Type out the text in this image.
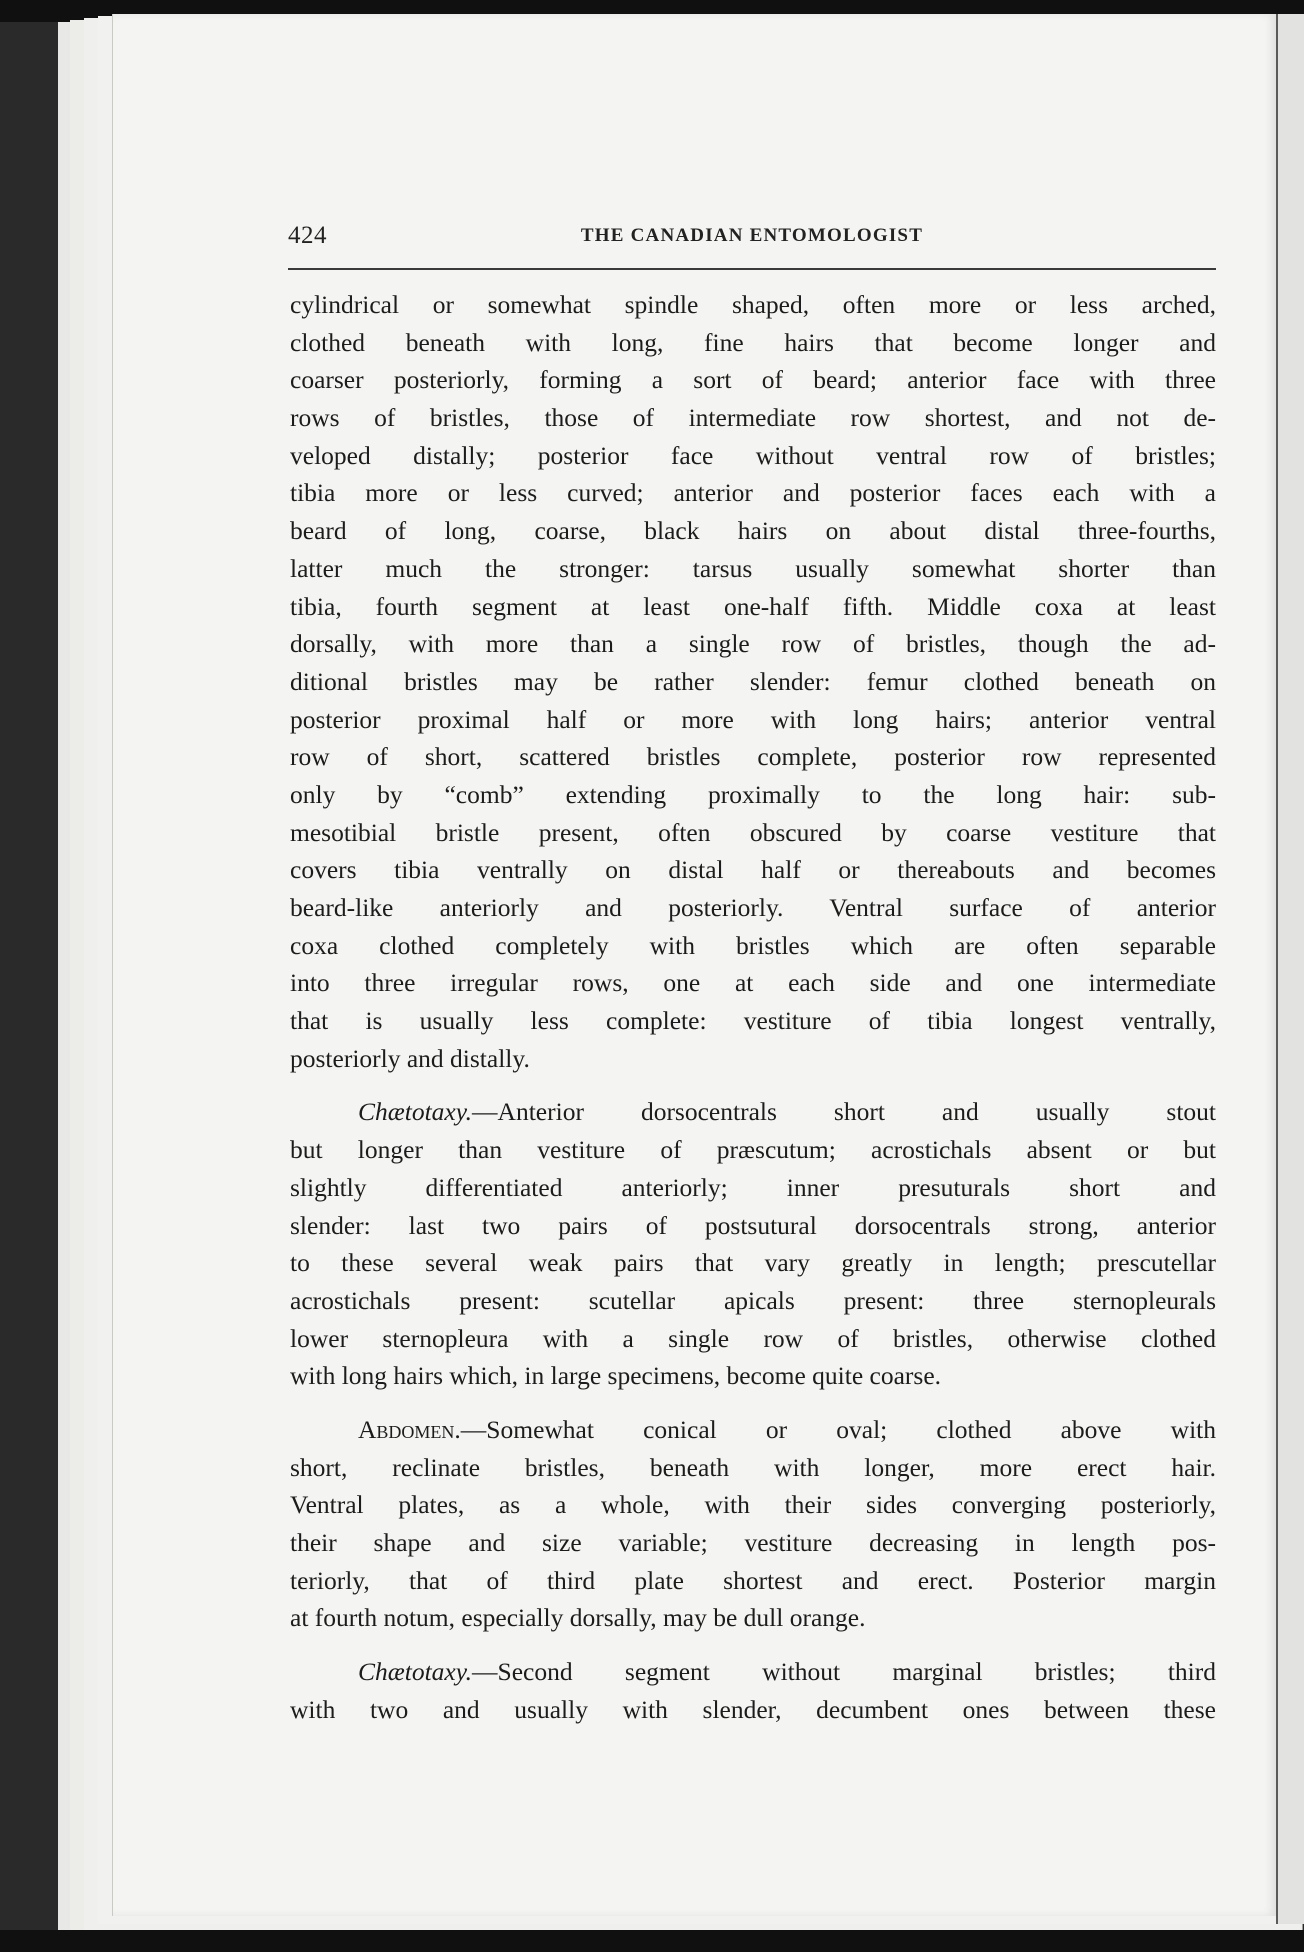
424	THE CANADIAN ENTOMOLOGIST
cylindrical or somewhat spindle shaped, often more or less arched,
clothed beneath with long, fine hairs that become longer and
coarser posteriorly, forming a sort of beard; anterior face with three
rows of bristles, those of intermediate row shortest, and not de-
veloped distally; posterior face without ventral row of bristles;
tibia more or less curved; anterior and posterior faces each with a
beard of long, coarse, black hairs on about distal three-fourths,
latter much the stronger: tarsus usually somewhat shorter than
tibia, fourth segment at least one-half fifth. Middle coxa at least
dorsally, with more than a single row of bristles, though the ad-
ditional bristles may be rather slender: femur clothed beneath on
posterior proximal half or more with long hairs; anterior ventral
row of short, scattered bristles complete, posterior row represented
only by “comb” extending proximally to the long hair: sub-
mesotibial bristle present, often obscured by coarse vestiture that
covers tibia ventrally on distal half or thereabouts and becomes
beard-like anteriorly and posteriorly. Ventral surface of anterior
coxa clothed completely with bristles which are often separable
into three irregular rows, one at each side and one intermediate
that is usually less complete: vestiture of tibia longest ventrally,
posteriorly and distally.
Chætotaxy.—Anterior dorsocentrals short and usually stout
but longer than vestiture of præscutum; acrostichals absent or but
slightly differentiated anteriorly; inner presuturals short and
slender: last two pairs of postsutural dorsocentrals strong, anterior
to these several weak pairs that vary greatly in length; prescutellar
acrostichals present: scutellar apicals present: three sternopleurals
lower sternopleura with a single row of bristles, otherwise clothed
with long hairs which, in large specimens, become quite coarse.
Abdomen.—Somewhat conical or oval; clothed above with
short, reclinate bristles, beneath with longer, more erect hair.
Ventral plates, as a whole, with their sides converging posteriorly,
their shape and size variable; vestiture decreasing in length pos-
teriorly, that of third plate shortest and erect. Posterior margin
at fourth notum, especially dorsally, may be dull orange.
Chætotaxy.—Second segment without marginal bristles; third
with two and usually with slender, decumbent ones between these
